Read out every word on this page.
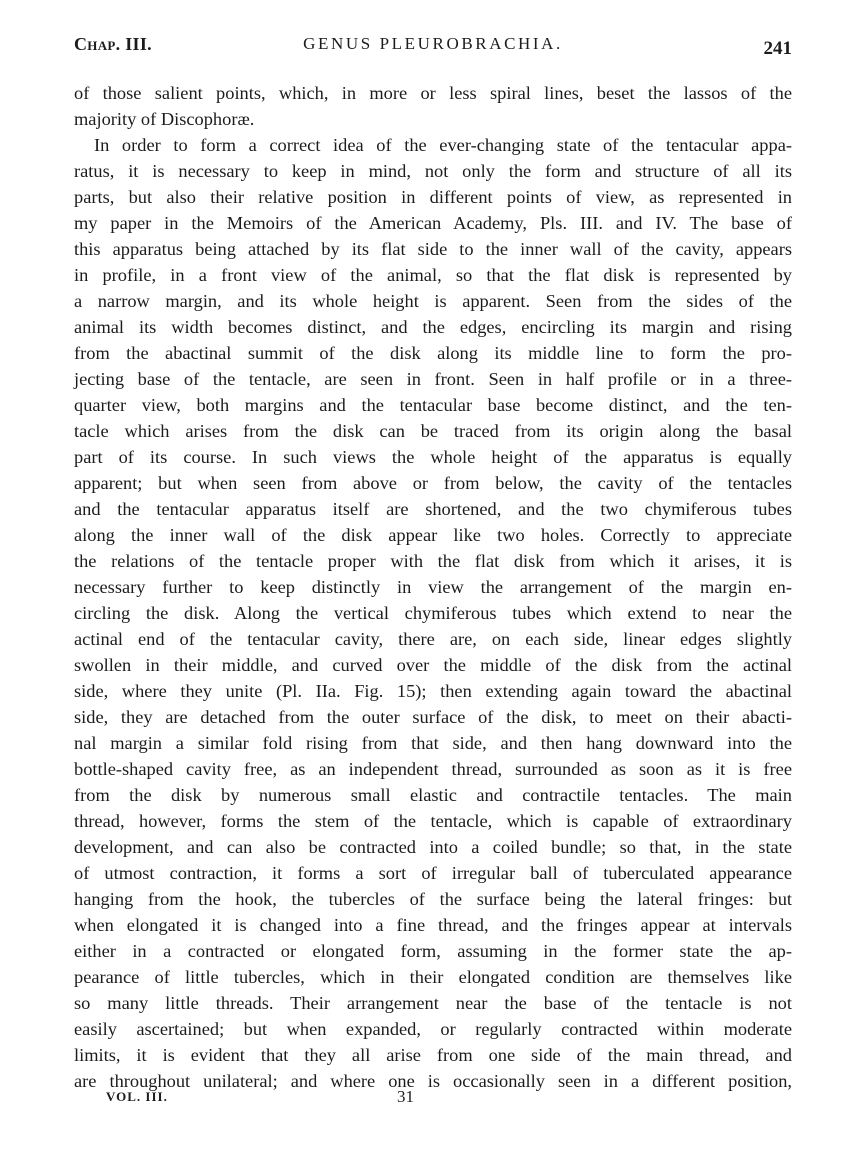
Chap. III.	GENUS PLEUROBRACHIA.	241
of those salient points, which, in more or less spiral lines, beset the lassos of the
majority of Discophoræ.
In order to form a correct idea of the ever-changing state of the tentacular appa-
ratus, it is necessary to keep in mind, not only the form and structure of all its
parts, but also their relative position in different points of view, as represented in
my paper in the Memoirs of the American Academy, Pls. III. and IV. The base of
this apparatus being attached by its flat side to the inner wall of the cavity, appears
in profile, in a front view of the animal, so that the flat disk is represented by
a narrow margin, and its whole height is apparent. Seen from the sides of the
animal its width becomes distinct, and the edges, encircling its margin and rising
from the abactinal summit of the disk along its middle line to form the pro-
jecting base of the tentacle, are seen in front. Seen in half profile or in a three-
quarter view, both margins and the tentacular base become distinct, and the ten-
tacle which arises from the disk can be traced from its origin along the basal
part of its course. In such views the whole height of the apparatus is equally
apparent; but when seen from above or from below, the cavity of the tentacles
and the tentacular apparatus itself are shortened, and the two chymiferous tubes
along the inner wall of the disk appear like two holes. Correctly to appreciate
the relations of the tentacle proper with the flat disk from which it arises, it is
necessary further to keep distinctly in view the arrangement of the margin en-
circling the disk. Along the vertical chymiferous tubes which extend to near the
actinal end of the tentacular cavity, there are, on each side, linear edges slightly
swollen in their middle, and curved over the middle of the disk from the actinal
side, where they unite (Pl. IIa. Fig. 15); then extending again toward the abactinal
side, they are detached from the outer surface of the disk, to meet on their abacti-
nal margin a similar fold rising from that side, and then hang downward into the
bottle-shaped cavity free, as an independent thread, surrounded as soon as it is free
from the disk by numerous small elastic and contractile tentacles. The main
thread, however, forms the stem of the tentacle, which is capable of extraordinary
development, and can also be contracted into a coiled bundle; so that, in the state
of utmost contraction, it forms a sort of irregular ball of tuberculated appearance
hanging from the hook, the tubercles of the surface being the lateral fringes: but
when elongated it is changed into a fine thread, and the fringes appear at intervals
either in a contracted or elongated form, assuming in the former state the ap-
pearance of little tubercles, which in their elongated condition are themselves like
so many little threads. Their arrangement near the base of the tentacle is not
easily ascertained; but when expanded, or regularly contracted within moderate
limits, it is evident that they all arise from one side of the main thread, and
are throughout unilateral; and where one is occasionally seen in a different position,
VOL. III.	31
